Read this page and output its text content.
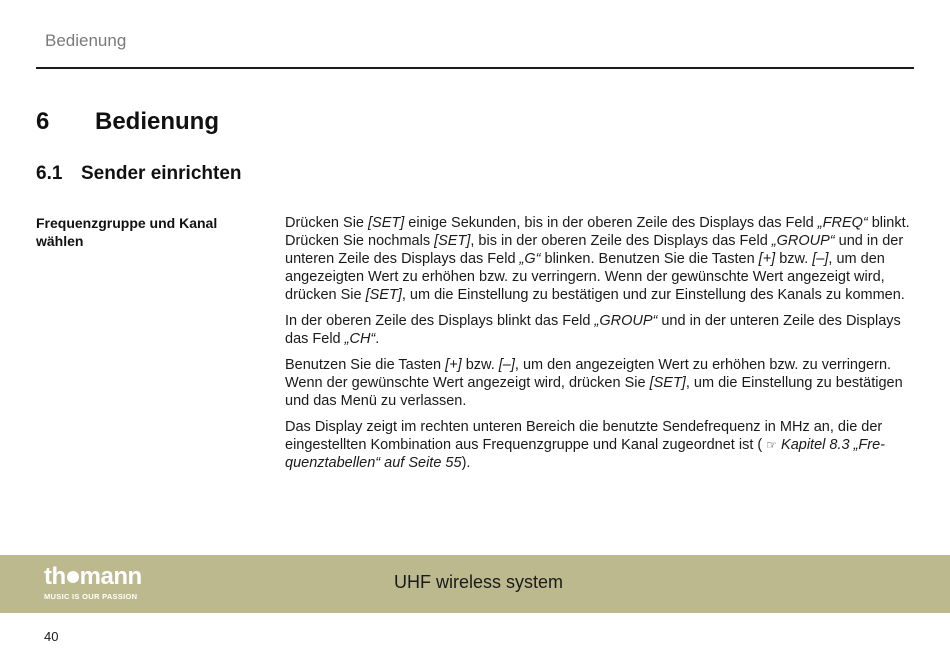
Bedienung
6 Bedienung
6.1 Sender einrichten
Frequenzgruppe und Kanal wählen

Drücken Sie [SET] einige Sekunden, bis in der oberen Zeile des Displays das Feld „FREQ“ blinkt. Drücken Sie nochmals [SET], bis in der oberen Zeile des Displays das Feld „GROUP“ und in der unteren Zeile des Displays das Feld „G“ blinken. Benutzen Sie die Tasten [+] bzw. [–], um den angezeigten Wert zu erhöhen bzw. zu verringern. Wenn der gewünschte Wert angezeigt wird, drücken Sie [SET], um die Einstellung zu bestätigen und zur Einstellung des Kanals zu kommen.

In der oberen Zeile des Displays blinkt das Feld „GROUP“ und in der unteren Zeile des Displays das Feld „CH“.

Benutzen Sie die Tasten [+] bzw. [–], um den angezeigten Wert zu erhöhen bzw. zu verringern. Wenn der gewünschte Wert angezeigt wird, drücken Sie [SET], um die Einstellung zu bestätigen und das Menü zu verlassen.

Das Display zeigt im rechten unteren Bereich die benutzte Sendefrequenz in MHz an, die der eingestellten Kombination aus Frequenzgruppe und Kanal zugeordnet ist ( ☞ Kapitel 8.3 „Frequenztabellen“ auf Seite 55).

th mann
MUSIC IS OUR PASSION
UHF wireless system
40
